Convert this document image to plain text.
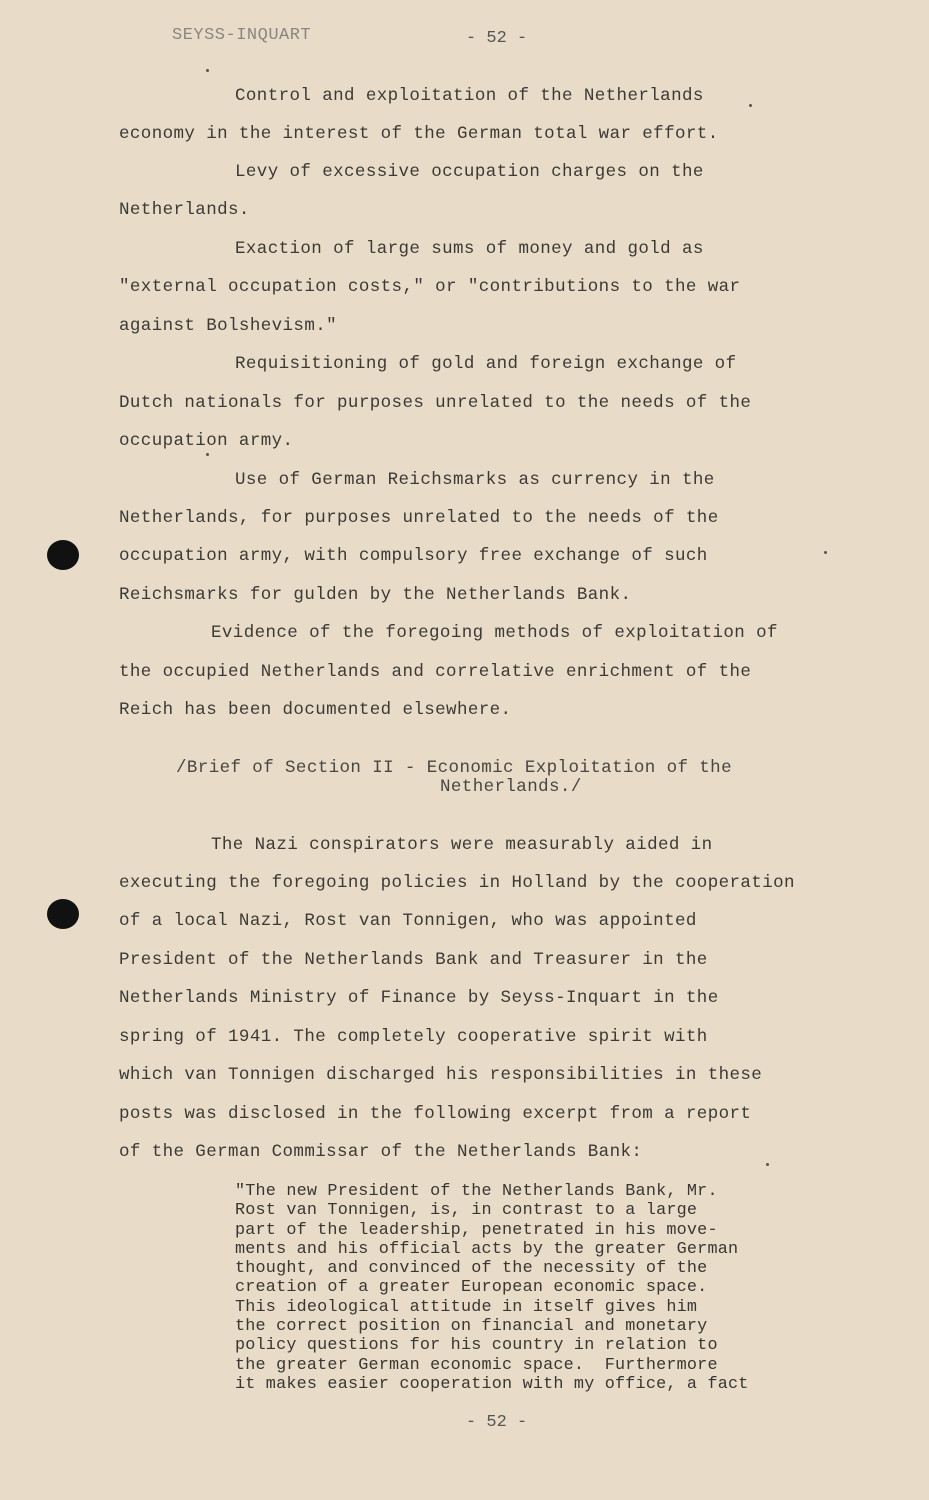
SEYSS-INQUART	- 52 -
Control and exploitation of the Netherlands
economy in the interest of the German total war effort.
Levy of excessive occupation charges on the
Netherlands.
Exaction of large sums of money and gold as
"external occupation costs," or "contributions to the war
against Bolshevism."
Requisitioning of gold and foreign exchange of
Dutch nationals for purposes unrelated to the needs of the
occupation army.
Use of German Reichsmarks as currency in the
Netherlands, for purposes unrelated to the needs of the
occupation army, with compulsory free exchange of such
Reichsmarks for gulden by the Netherlands Bank.
Evidence of the foregoing methods of exploitation of
the occupied Netherlands and correlative enrichment of the
Reich has been documented elsewhere.
/Brief of Section II - Economic Exploitation of the
Netherlands./
The Nazi conspirators were measurably aided in
executing the foregoing policies in Holland by the cooperation
of a local Nazi, Rost van Tonnigen, who was appointed
President of the Netherlands Bank and Treasurer in the
Netherlands Ministry of Finance by Seyss-Inquart in the
spring of 1941. The completely cooperative spirit with
which van Tonnigen discharged his responsibilities in these
posts was disclosed in the following excerpt from a report
of the German Commissar of the Netherlands Bank:
"The new President of the Netherlands Bank, Mr.
Rost van Tonnigen, is, in contrast to a large
part of the leadership, penetrated in his move-
ments and his official acts by the greater German
thought, and convinced of the necessity of the
creation of a greater European economic space.
This ideological attitude in itself gives him
the correct position on financial and monetary
policy questions for his country in relation to
the greater German economic space.  Furthermore
it makes easier cooperation with my office, a fact
- 52 -
